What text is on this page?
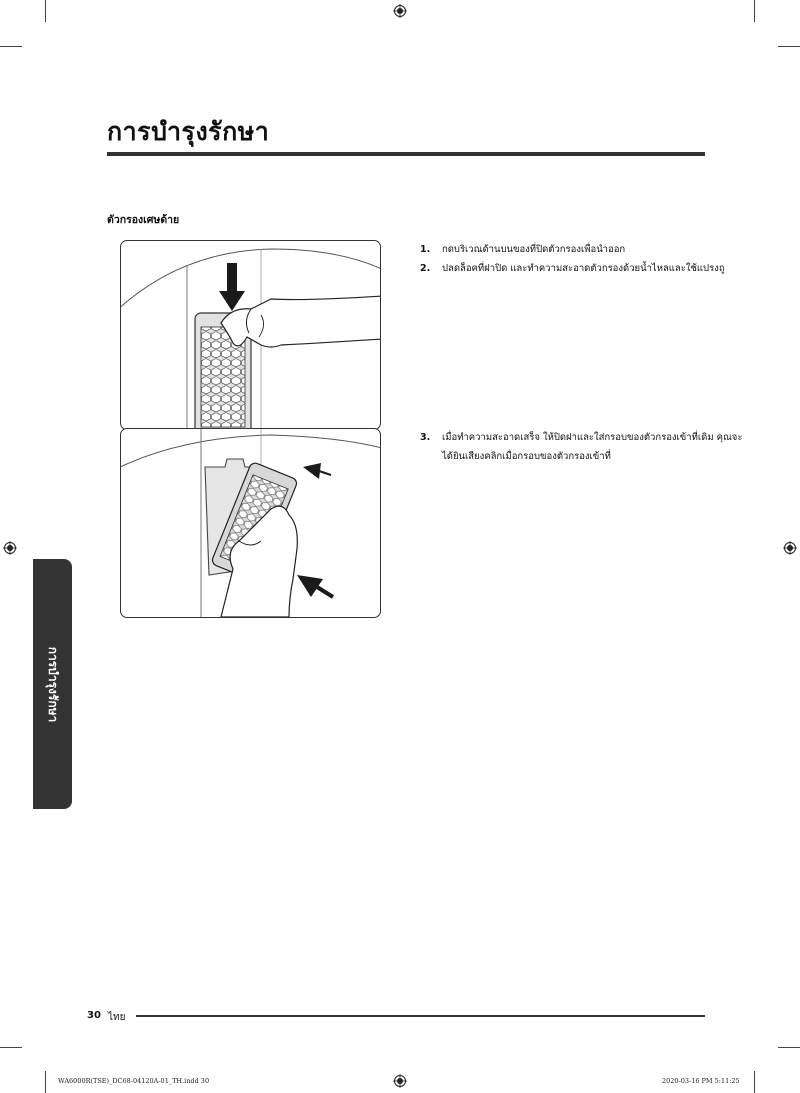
การบำรุงรักษา
ตัวกรองเศษด้าย
1. กดบริเวณด้านบนของที่ปิดตัวกรองเพื่อนำออก
2. ปลดล็อคที่ฝาปิด และทำความสะอาดตัวกรองด้วยน้ำไหลและใช้แปรงถู
3. เมื่อทำความสะอาดเสร็จ ให้ปิดฝาและใส่กรอบของตัวกรองเข้าที่เดิม คุณจะ
ได้ยินเสียงคลิกเมื่อกรอบของตัวกรองเข้าที่
การบำรุงรักษา
30 ไทย
WA6000R(TSE)_DC68-04120A-01_TH.indd 30	2020-03-16 PM 5:11:25
